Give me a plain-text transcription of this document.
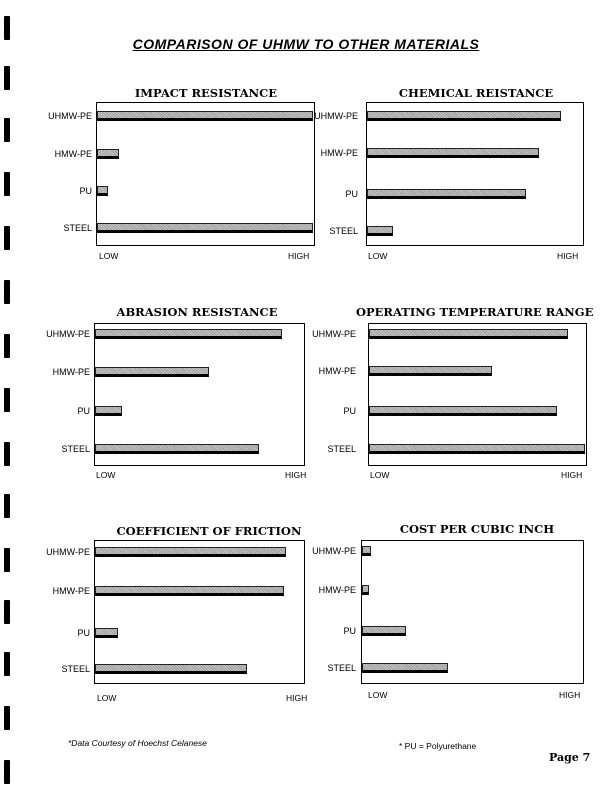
COMPARISON OF UHMW TO OTHER MATERIALS
IMPACT RESISTANCE
UHMW-PE
HMW-PE
PU
STEEL
LOW	HIGH
CHEMICAL REISTANCE
UHMW-PE
HMW-PE
PU
STEEL
LOW	HIGH
ABRASION RESISTANCE
UHMW-PE
HMW-PE
PU
STEEL
LOW	HIGH
OPERATING TEMPERATURE RANGE
UHMW-PE
HMW-PE
PU
STEEL
LOW	HIGH
COEFFICIENT OF FRICTION
UHMW-PE
HMW-PE
PU
STEEL
LOW	HIGH
COST PER CUBIC INCH
UHMW-PE
HMW-PE
PU
STEEL
LOW	HIGH
*Data Courtesy of Hoechst Celanese	* PU = Polyurethane
Page 7
